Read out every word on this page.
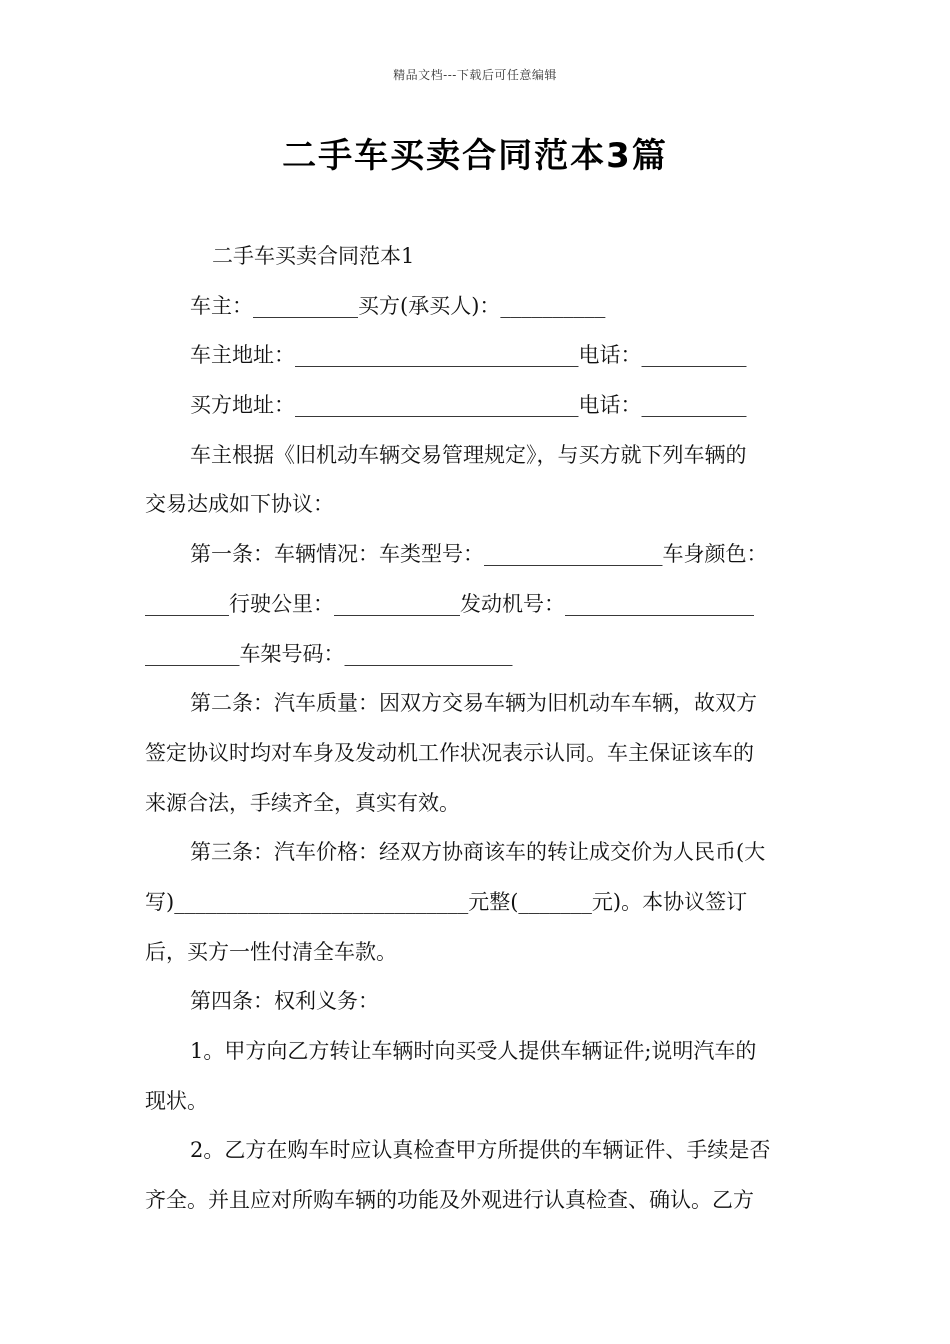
精品文档---下载后可任意编辑
二手车买卖合同范本3篇
二手车买卖合同范本1
车主：__________买方(承买人)：__________
车主地址：___________________________电话：__________
买方地址：___________________________电话：__________
车主根据《旧机动车辆交易管理规定》，与买方就下列车辆的
交易达成如下协议：
第一条：车辆情况：车类型号：_________________车身颜色：
________行驶公里：____________发动机号：__________________
_________车架号码：________________
第二条：汽车质量：因双方交易车辆为旧机动车车辆，故双方
签定协议时均对车身及发动机工作状况表示认同。车主保证该车的
来源合法，手续齐全，真实有效。
第三条：汽车价格：经双方协商该车的转让成交价为人民币(大
写)____________________________元整(_______元)。本协议签订
后，买方一性付清全车款。
第四条：权利义务：
1。甲方向乙方转让车辆时向买受人提供车辆证件;说明汽车的
现状。
2。乙方在购车时应认真检查甲方所提供的车辆证件、手续是否
齐全。并且应对所购车辆的功能及外观进行认真检查、确认。乙方
